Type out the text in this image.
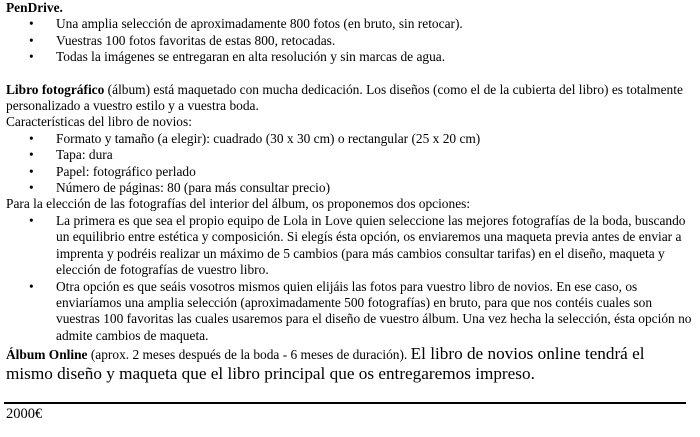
PenDrive.

•	Una amplia selección de aproximadamente 800 fotos (en bruto, sin retocar).
•	Vuestras 100 fotos favoritas de estas 800, retocadas.
•	Todas la imágenes se entregaran en alta resolución y sin marcas de agua.

Libro fotográfico (álbum) está maquetado con mucha dedicación. Los diseños (como el de la cubierta del libro) es totalmente personalizado a vuestro estilo y a vuestra boda.

Características del libro de novios:

•	Formato y tamaño (a elegir): cuadrado (30 x 30 cm) o rectangular (25 x 20 cm)
•	Tapa: dura
•	Papel: fotográfico perlado
•	Número de páginas: 80 (para más consultar precio)

Para la elección de las fotografías del interior del álbum, os proponemos dos opciones:

•	La primera es que sea el propio equipo de Lola in Love quien seleccione las mejores fotografías de la boda, buscando un equilibrio entre estética y composición. Si elegís ésta opción, os enviaremos una maqueta previa antes de enviar a imprenta y podréis realizar un máximo de 5 cambios (para más cambios consultar tarifas) en el diseño, maqueta y elección de fotografías de vuestro libro.
•	Otra opción es que seáis vosotros mismos quien elijáis las fotos para vuestro libro de novios. En ese caso, os enviaríamos una amplia selección (aproximadamente 500 fotografías) en bruto, para que nos contéis cuales son vuestras 100 favoritas las cuales usaremos para el diseño de vuestro álbum. Una vez hecha la selección, ésta opción no admite cambios de maqueta.

Álbum Online (aprox. 2 meses después de la boda - 6 meses de duración). El libro de novios online tendrá el mismo diseño y maqueta que el libro principal que os entregaremos impreso.

2000€
